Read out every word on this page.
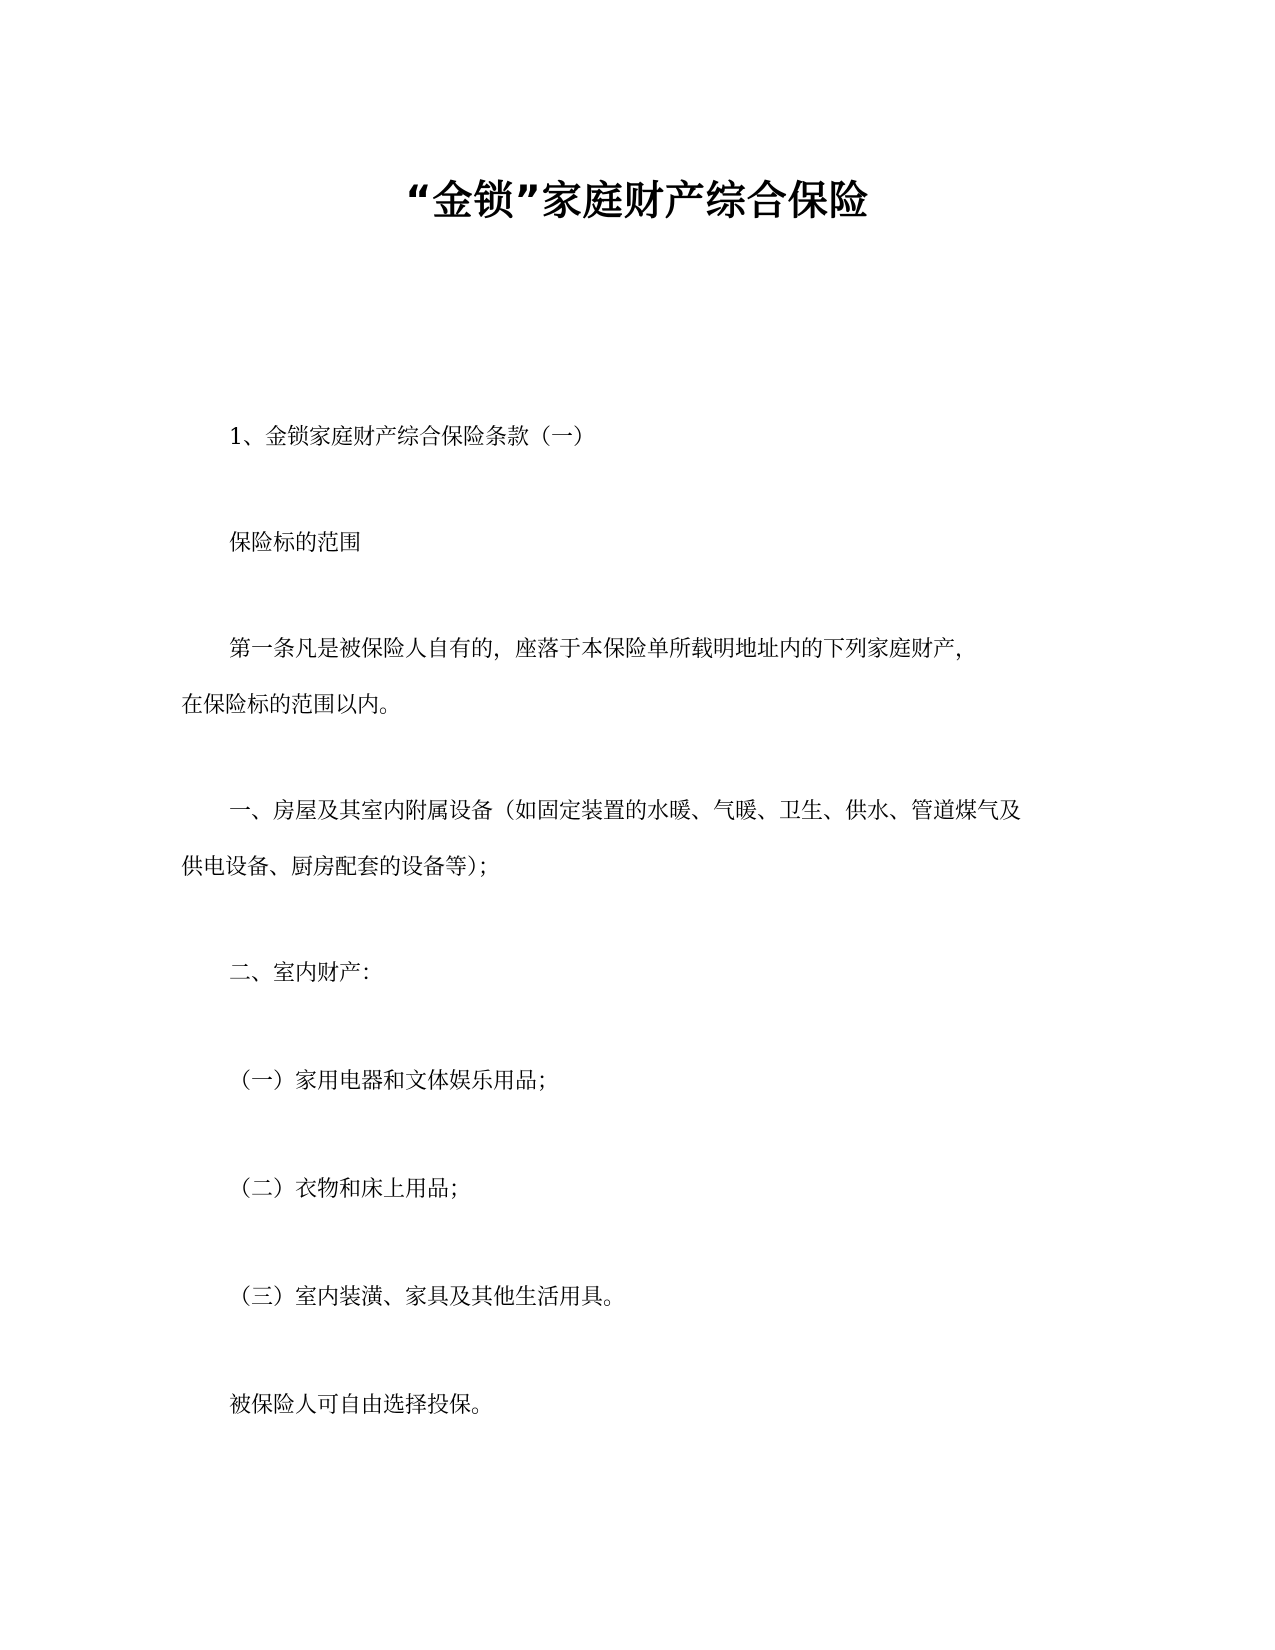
“金锁”家庭财产综合保险

1、金锁家庭财产综合保险条款（一）

保险标的范围

第一条凡是被保险人自有的，座落于本保险单所载明地址内的下列家庭财产，
在保险标的范围以内。

一、房屋及其室内附属设备（如固定装置的水暖、气暖、卫生、供水、管道煤气及
供电设备、厨房配套的设备等）；

二、室内财产：

（一）家用电器和文体娱乐用品；

（二）衣物和床上用品；

（三）室内装潢、家具及其他生活用具。

被保险人可自由选择投保。
